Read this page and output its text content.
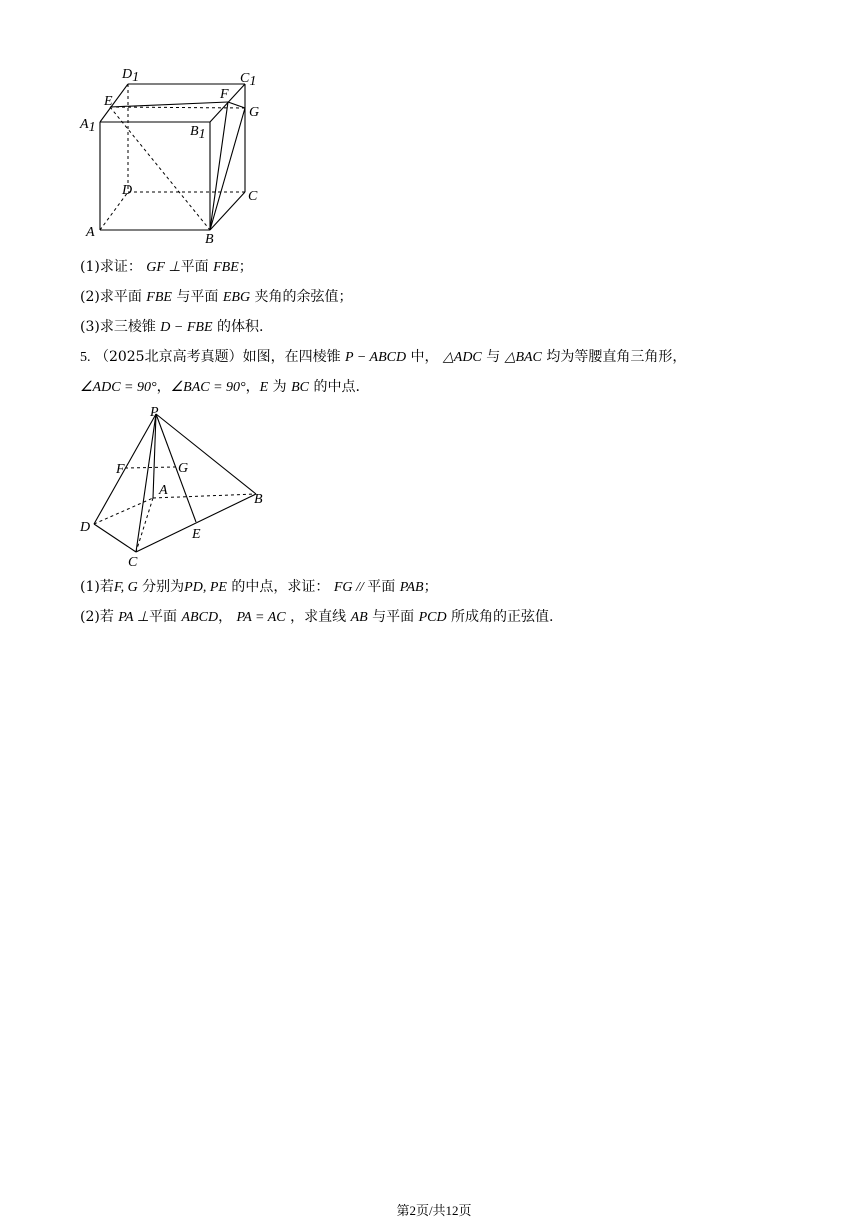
D1	C1
E	F
G
A1	B1
D	C
A	B
(1)求证： GF ⊥平面 FBE；
(2)求平面 FBE 与平面 EBG 夹角的余弦值；
(3)求三棱锥 D − FBE 的体积.
5. （2025北京高考真题）如图，在四棱锥 P − ABCD 中， △ADC 与 △BAC 均为等腰直角三角形，
∠ADC = 90°，∠BAC = 90°，E 为 BC 的中点.
P
F	G
A
B
D	E
C
(1)若F, G 分别为PD, PE 的中点，求证： FG // 平面 PAB；
(2)若 PA ⊥平面 ABCD， PA = AC ，求直线 AB 与平面 PCD 所成角的正弦值.
第2页/共12页
